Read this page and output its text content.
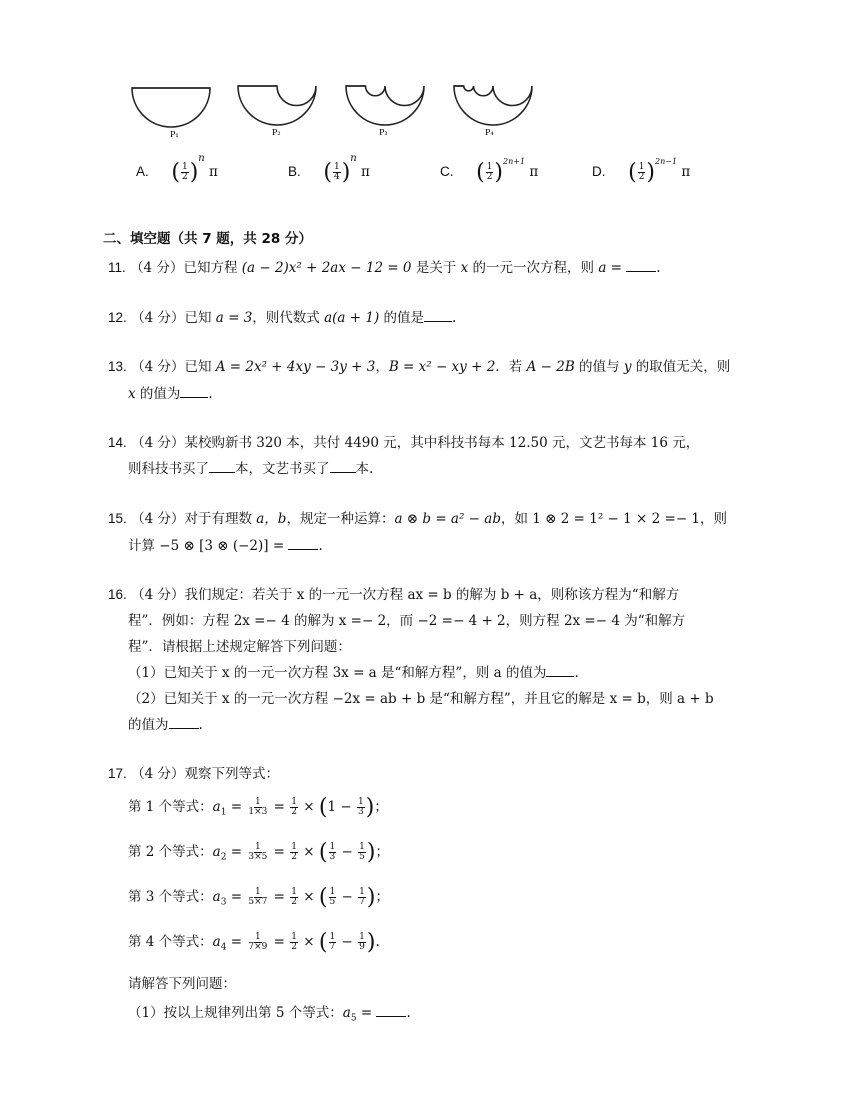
P₁	P₂	P₃	P₄
A. ( $\frac{1}{2} )^n$ π	B. ( $\frac{1}{4} )^n$ π	C. ( $\frac{1}{2} )^{2n+1}$ π	D. ( $\frac{1}{2} )^{2n-1}$ π
二、填空题（共 7 题，共 28 分）
11. （4 分）已知方程 (a − 2)x² + 2ax − 12 = 0 是关于 x 的一元一次方程，则 a =	.
12. （4 分）已知 a = 3，则代数式 a(a + 1) 的值是 .
13. （4 分）已知 A = 2x² + 4xy − 3y + 3，B = x² − xy + 2．若 A − 2B 的值与 y 的取值无关，则
x 的值为 .
14. （4 分）某校购新书 320 本，共付 4490 元，其中科技书每本 12.50 元，文艺书每本 16 元，
则科技书买了 本，文艺书买了 本.
15. （4 分）对于有理数 a，b，规定一种运算：a ⊗ b = a² − ab，如 1 ⊗ 2 = 1² − 1 × 2 =− 1，则
计算 −5 ⊗ [3 ⊗ (−2)] = .
16. （4 分）我们规定：若关于 x 的一元一次方程 ax = b 的解为 b + a，则称该方程为“和解方
程”．例如：方程 2x =− 4 的解为 x =− 2，而 −2 =− 4 + 2，则方程 2x =− 4 为“和解方
程”．请根据上述规定解答下列问题：
（1）已知关于 x 的一元一次方程 3x = a 是“和解方程”，则 a 的值为 .
（2）已知关于 x 的一元一次方程 −2x = ab + b 是“和解方程”，并且它的解是 x = b，则 a + b
的值为 .
17. （4 分）观察下列等式：
第 1 个等式：$a_1 = \frac{1}{1\times 3} = \frac{1}{2} \times (1 - \frac{1}{3}$ )；
第 2 个等式：$a_2 = \frac{1}{3\times 5} = \frac{1}{2}$ × ( $\frac{1}{3} - \frac{1}{5}$ )；
第 3 个等式：$a_3 = \frac{1}{5\times 7} = \frac{1}{2}$ × ( $\frac{1}{5} - \frac{1}{7}$ )；
第 4 个等式：$a_4 = \frac{1}{7\times 9} = \frac{1}{2}$ × ( $\frac{1}{7} - \frac{1}{9}$ ).
请解答下列问题：
（1）按以上规律列出第 5 个等式：$a_5$ = .
